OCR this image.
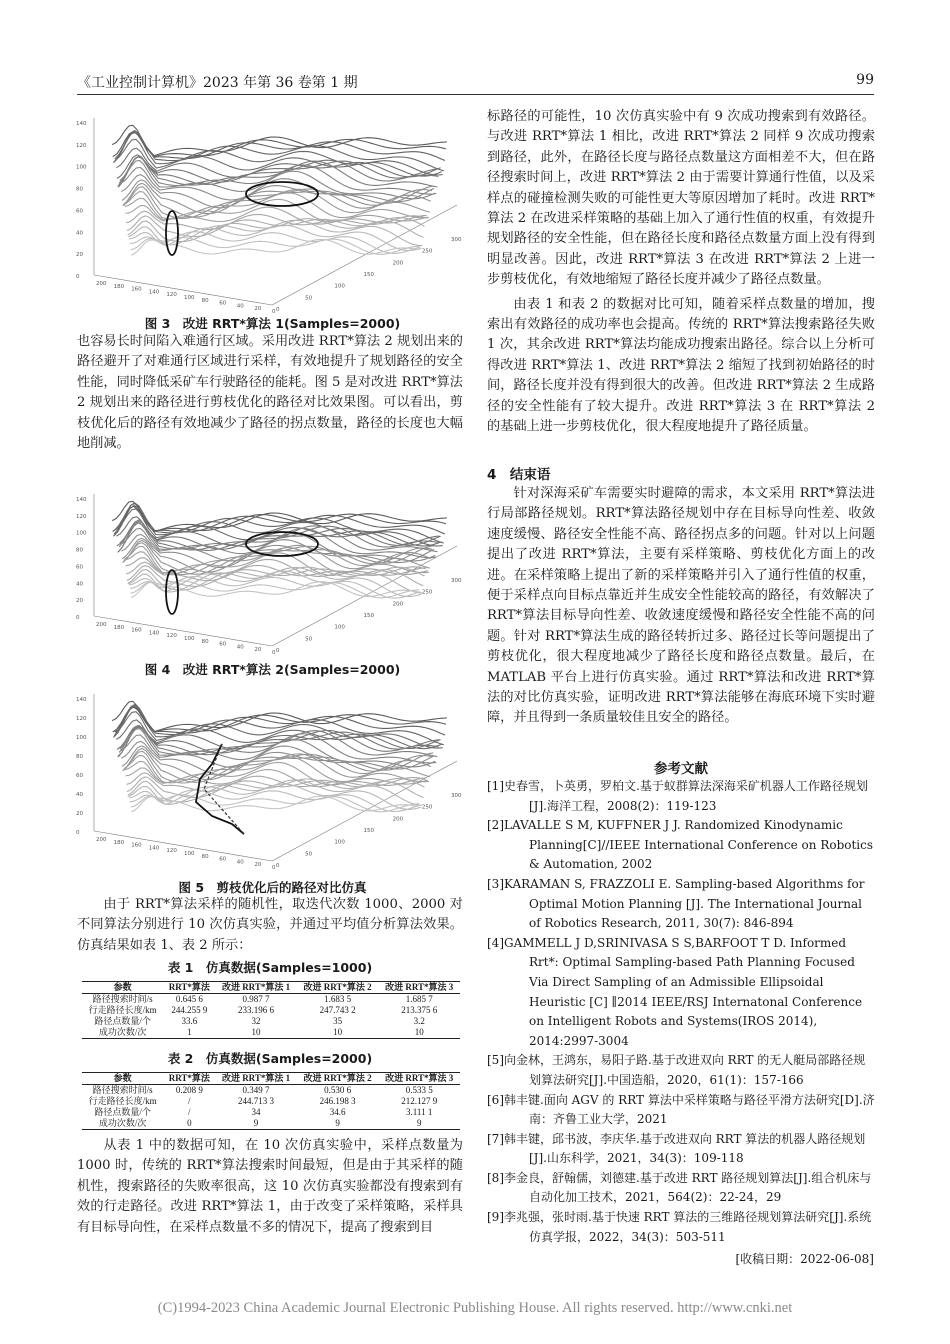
《工业控制计算机》2023 年第 36 卷第 1 期	99
140
120
100
80
60
40
20
0
200 180 160 140 120 100 80 60 40 20 0 0
50
100
150
200
250
300
图 3　改进 RRT*算法 1(Samples=2000)

也容易长时间陷入难通行区域。采用改进 RRT*算法 2 规划出来的路径避开了对难通行区域进行采样，有效地提升了规划路径的安全性能，同时降低采矿车行驶路径的能耗。图 5 是对改进 RRT*算法 2 规划出来的路径进行剪枝优化的路径对比效果图。可以看出，剪枝优化后的路径有效地减少了路径的拐点数量，路径的长度也大幅地削减。

140
120
100
80
60
40
20
0
200 180 160 140 120 100 80 60 40 20 0 0
50
100
150
200
250
300
图 4　改进 RRT*算法 2(Samples=2000)
140
120
100
80
60
40
20
0
200 180 160 140 120 100 80 60 40 20 0 0
50
100
150
200
250
300
图 5　剪枝优化后的路径对比仿真

由于 RRT*算法采样的随机性，取迭代次数 1000、2000 对不同算法分别进行 10 次仿真实验，并通过平均值分析算法效果。仿真结果如表 1、表 2 所示：

表 1　仿真数据(Samples=1000)
参数	RRT*算法	改进 RRT*算法 1	改进 RRT*算法 2	改进 RRT*算法 3
路径搜索时间/s	0.645 6	0.987 7	1.683 5	1.685 7
行走路径长度/km	244.255 9	233.196 6	247.743 2	213.375 6
路径点数量/个	33.6	32	35	3.2
成功次数/次	1	10	10	10
表 2　仿真数据(Samples=2000)
参数	RRT*算法	改进 RRT*算法 1	改进 RRT*算法 2	改进 RRT*算法 3
路径搜索时间/s	0.208 9	0.349 7	0.530 6	0.533 5
行走路径长度/km	/	244.713 3	246.198 3	212.127 9
路径点数量/个	/	34	34.6	3.111 1
成功次数/次	0	9	9	9

从表 1 中的数据可知，在 10 次仿真实验中，采样点数量为 1000 时，传统的 RRT*算法搜索时间最短，但是由于其采样的随机性，搜索路径的失败率很高，这 10 次仿真实验都没有搜索到有效的行走路径。改进 RRT*算法 1，由于改变了采样策略，采样具有目标导向性，在采样点数量不多的情况下，提高了搜索到目

标路径的可能性，10 次仿真实验中有 9 次成功搜索到有效路径。与改进 RRT*算法 1 相比，改进 RRT*算法 2 同样 9 次成功搜索到路径，此外，在路径长度与路径点数量这方面相差不大，但在路径搜索时间上，改进 RRT*算法 2 由于需要计算通行性值，以及采样点的碰撞检测失败的可能性更大等原因增加了耗时。改进 RRT*算法 2 在改进采样策略的基础上加入了通行性值的权重，有效提升规划路径的安全性能，但在路径长度和路径点数量方面上没有得到明显改善。因此，改进 RRT*算法 3 在改进 RRT*算法 2 上进一步剪枝优化，有效地缩短了路径长度并减少了路径点数量。

由表 1 和表 2 的数据对比可知，随着采样点数量的增加，搜索出有效路径的成功率也会提高。传统的 RRT*算法搜索路径失败 1 次，其余改进 RRT*算法均能成功搜索出路径。综合以上分析可得改进 RRT*算法 1、改进 RRT*算法 2 缩短了找到初始路径的时间，路径长度并没有得到很大的改善。但改进 RRT*算法 2 生成路径的安全性能有了较大提升。改进 RRT*算法 3 在 RRT*算法 2 的基础上进一步剪枝优化，很大程度地提升了路径质量。

4　结束语

针对深海采矿车需要实时避障的需求，本文采用 RRT*算法进行局部路径规划。RRT*算法路径规划中存在目标导向性差、收敛速度缓慢、路径安全性能不高、路径拐点多的问题。针对以上问题提出了改进 RRT*算法，主要有采样策略、剪枝优化方面上的改进。在采样策略上提出了新的采样策略并引入了通行性值的权重，便于采样点向目标点靠近并生成安全性能较高的路径，有效解决了 RRT*算法目标导向性差、收敛速度缓慢和路径安全性能不高的问题。针对 RRT*算法生成的路径转折过多、路径过长等问题提出了剪枝优化，很大程度地减少了路径长度和路径点数量。最后，在 MATLAB 平台上进行仿真实验。通过 RRT*算法和改进 RRT*算法的对比仿真实验，证明改进 RRT*算法能够在海底环境下实时避障，并且得到一条质量较佳且安全的路径。

参考文献

[1]史春雪，卜英勇，罗柏文.基于蚁群算法深海采矿机器人工作路径规划[J].海洋工程，2008(2)：119-123

[2]LAVALLE S M, KUFFNER J J. Randomized Kinodynamic Planning[C]//IEEE International Conference on Robotics & Automation, 2002

[3]KARAMAN S, FRAZZOLI E. Sampling-based Algorithms for Optimal Motion Planning [J]. The International Journal of Robotics Research, 2011, 30(7): 846-894

[4]GAMMELL J D,SRINIVASA S S,BARFOOT T D. Informed Rrt*: Optimal Sampling-based Path Planning Focused Via Direct Sampling of an Admissible Ellipsoidal Heuristic [C] ∥2014 IEEE/RSJ Internatonal Conference on Intelligent Robots and Systems(IROS 2014), 2014:2997-3004

[5]向金林，王鸿东，易阳子路.基于改进双向 RRT 的无人艇局部路径规划算法研究[J].中国造船，2020，61(1)：157-166

[6]韩丰键.面向 AGV 的 RRT 算法中采样策略与路径平滑方法研究[D].济南：齐鲁工业大学，2021

[7]韩丰键，邱书波，李庆华.基于改进双向 RRT 算法的机器人路径规划[J].山东科学，2021，34(3)：109-118

[8]李金良，舒翰儒，刘德建.基于改进 RRT 路径规划算法[J].组合机床与自动化加工技术，2021，564(2)：22-24，29

[9]李兆强，张时雨.基于快速 RRT 算法的三维路径规划算法研究[J].系统仿真学报，2022，34(3)：503-511

[收稿日期：2022-06-08]
(C)1994-2023 China Academic Journal Electronic Publishing House. All rights reserved. http://www.cnki.net
